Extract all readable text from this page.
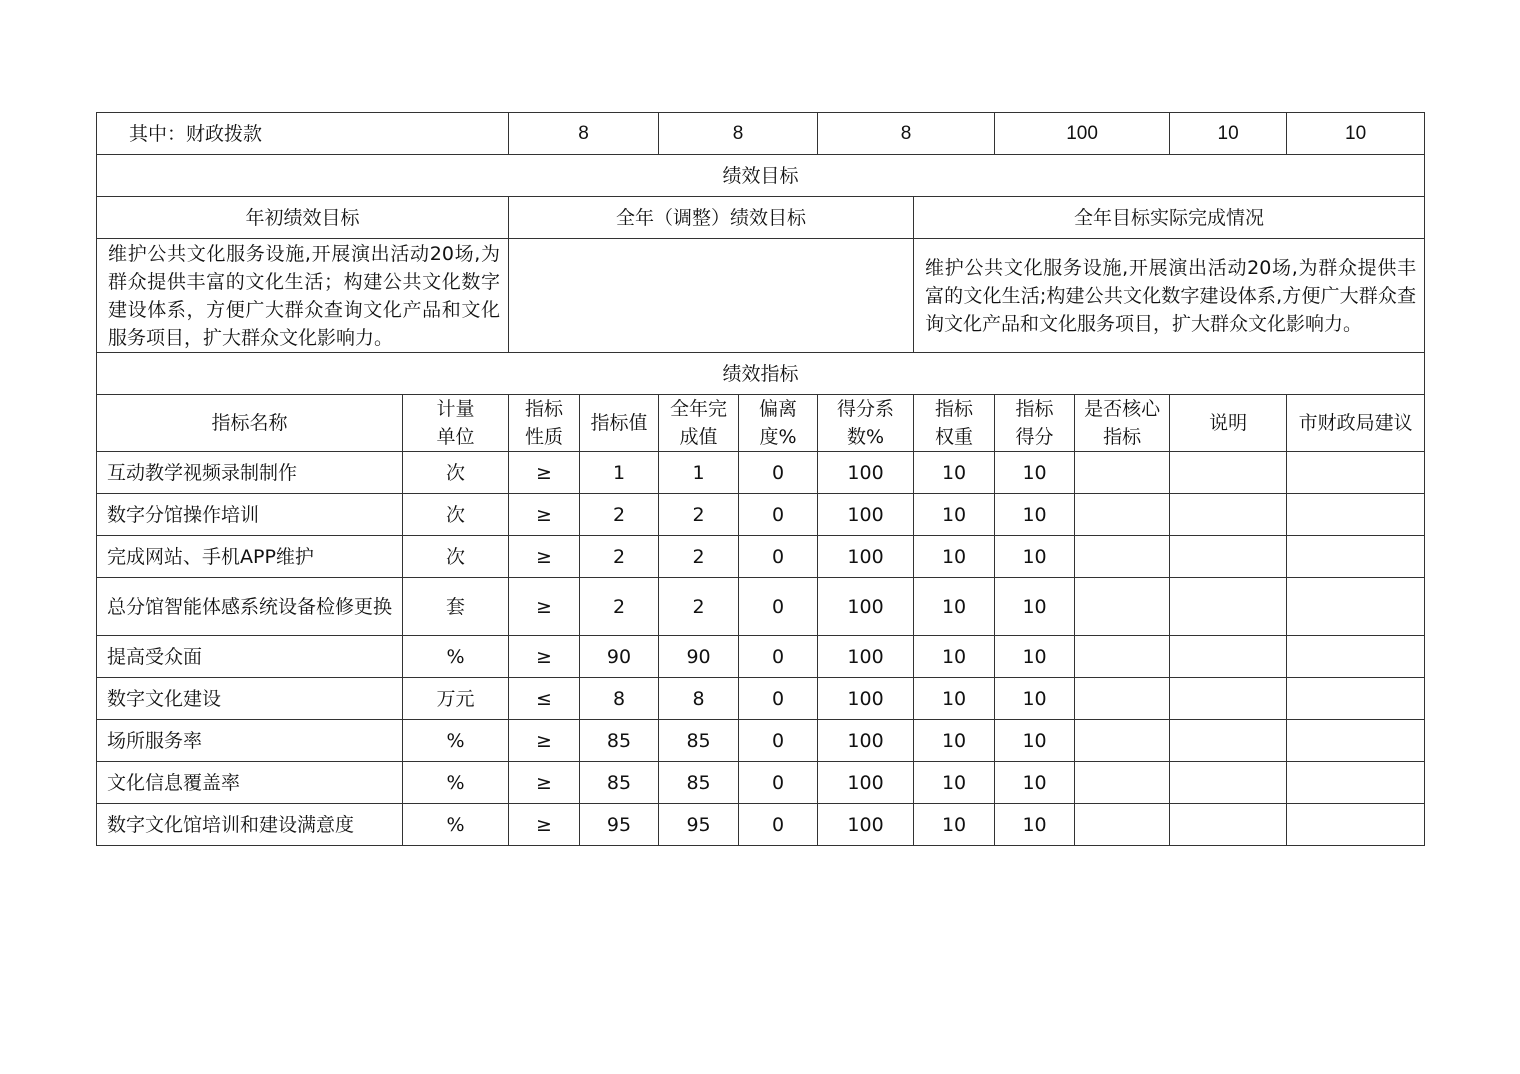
其中：财政拨款		8		8		8		100		10	10
绩效目标											
年初绩效目标		全年（调整）绩效目标					全年目标实际完成情况				
维护公共文化服务设施,开展演出活动20场,为群众提供丰富的文化生活；构建公共文化数字建设体系，方便广大群众查询文化产品和文化服务项目，扩大群众文化影响力。							维护公共文化服务设施,开展演出活动20场,为群众提供丰富的文化生活;构建公共文化数字建设体系,方便广大群众查询文化产品和文化服务项目，扩大群众文化影响力。				
绩效指标											
指标名称	计量单位	指标性质	指标值	全年完成值	偏离度%	得分系数%	指标权重	指标得分	是否核心指标	说明	市财政局建议
互动教学视频录制制作	次	≥	1	1	0	100	10	10			
数字分馆操作培训	次	≥	2	2	0	100	10	10			
完成网站、手机APP维护	次	≥	2	2	0	100	10	10			
总分馆智能体感系统设备检修更换	套	≥	2	2	0	100	10	10			
提高受众面	%	≥	90	90	0	100	10	10			
数字文化建设	万元	≤	8	8	0	100	10	10			
场所服务率	%	≥	85	85	0	100	10	10			
文化信息覆盖率	%	≥	85	85	0	100	10	10			
数字文化馆培训和建设满意度	%	≥	95	95	0	100	10	10			
